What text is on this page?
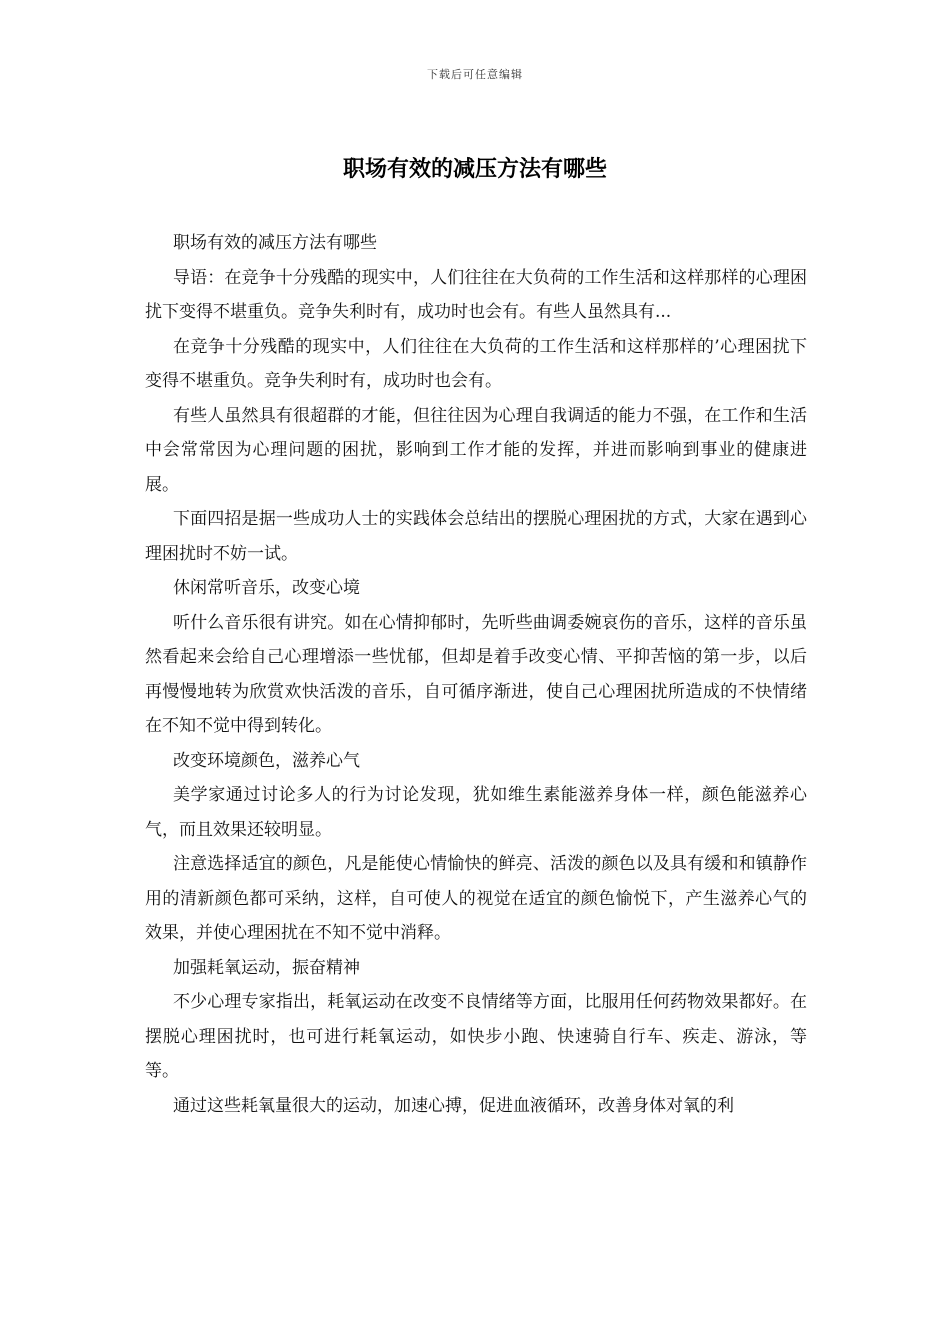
下载后可任意编辑
职场有效的减压方法有哪些

职场有效的减压方法有哪些

导语：在竞争十分残酷的现实中，人们往往在大负荷的工作生活和这样那样的心理困扰下变得不堪重负。竞争失利时有，成功时也会有。有些人虽然具有...

在竞争十分残酷的现实中，人们往往在大负荷的工作生活和这样那样的’心理困扰下变得不堪重负。竞争失利时有，成功时也会有。

有些人虽然具有很超群的才能，但往往因为心理自我调适的能力不强，在工作和生活中会常常因为心理问题的困扰，影响到工作才能的发挥，并进而影响到事业的健康进展。

下面四招是据一些成功人士的实践体会总结出的摆脱心理困扰的方式，大家在遇到心理困扰时不妨一试。

休闲常听音乐，改变心境

听什么音乐很有讲究。如在心情抑郁时，先听些曲调委婉哀伤的音乐，这样的音乐虽然看起来会给自己心理增添一些忧郁，但却是着手改变心情、平抑苦恼的第一步，以后再慢慢地转为欣赏欢快活泼的音乐，自可循序渐进，使自己心理困扰所造成的不快情绪在不知不觉中得到转化。

改变环境颜色，滋养心气

美学家通过讨论多人的行为讨论发现，犹如维生素能滋养身体一样，颜色能滋养心气，而且效果还较明显。

注意选择适宜的颜色，凡是能使心情愉快的鲜亮、活泼的颜色以及具有缓和和镇静作用的清新颜色都可采纳，这样，自可使人的视觉在适宜的颜色愉悦下，产生滋养心气的效果，并使心理困扰在不知不觉中消释。

加强耗氧运动，振奋精神

不少心理专家指出，耗氧运动在改变不良情绪等方面，比服用任何药物效果都好。在摆脱心理困扰时，也可进行耗氧运动，如快步小跑、快速骑自行车、疾走、游泳，等等。

通过这些耗氧量很大的运动，加速心搏，促进血液循环，改善身体对氧的利
